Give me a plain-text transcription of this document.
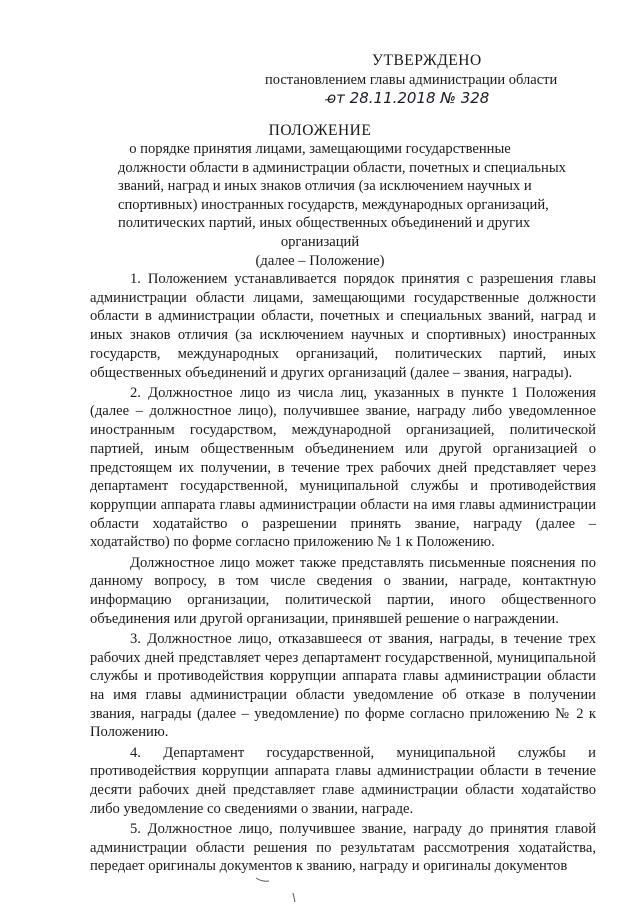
УТВЕРЖДЕНО
постановлением главы администрации области
от 28.11.2018 № 328
ПОЛОЖЕНИЕ
о порядке принятия лицами, замещающими государственные
должности области в администрации области, почетных и специальных
званий, наград и иных знаков отличия (за исключением научных и
спортивных) иностранных государств, международных организаций,
политических партий, иных общественных объединений и других
организаций
(далее – Положение)

1. Положением устанавливается порядок принятия с разрешения главы администрации области лицами, замещающими государственные должности области в администрации области, почетных и специальных званий, наград и иных знаков отличия (за исключением научных и спортивных) иностранных государств, международных организаций, политических партий, иных общественных объединений и других организаций (далее – звания, награды).

2. Должностное лицо из числа лиц, указанных в пункте 1 Положения (далее – должностное лицо), получившее звание, награду либо уведомленное иностранным государством, международной организацией, политической партией, иным общественным объединением или другой организацией о предстоящем их получении, в течение трех рабочих дней представляет через департамент государственной, муниципальной службы и противодействия коррупции аппарата главы администрации области на имя главы администрации области ходатайство о разрешении принять звание, награду (далее – ходатайство) по форме согласно приложению № 1 к Положению.

Должностное лицо может также представлять письменные пояснения по данному вопросу, в том числе сведения о звании, награде, контактную информацию организации, политической партии, иного общественного объединения или другой организации, принявшей решение о награждении.

3. Должностное лицо, отказавшееся от звания, награды, в течение трех рабочих дней представляет через департамент государственной, муниципальной службы и противодействия коррупции аппарата главы администрации области на имя главы администрации области уведомление об отказе в получении звания, награды (далее – уведомление) по форме согласно приложению № 2 к Положению.

4. Департамент государственной, муниципальной службы и противодействия коррупции аппарата главы администрации области в течение десяти рабочих дней представляет главе администрации области ходатайство либо уведомление со сведениями о звании, награде.

5. Должностное лицо, получившее звание, награду до принятия главой администрации области решения по результатам рассмотрения ходатайства, передает оригиналы документов к званию, награду и оригиналы документов
